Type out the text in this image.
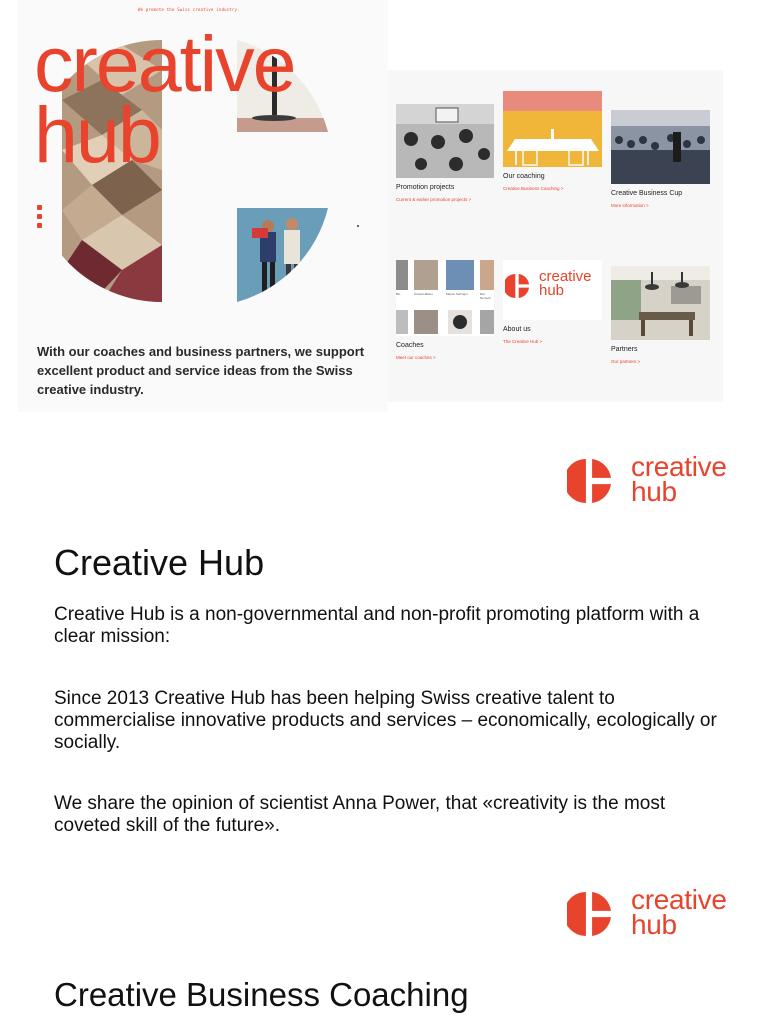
We promote the Swiss creative industry.
creative
hub
With our coaches and business partners, we support excellent product and service ideas from the Swiss creative industry.
Promotion projects
Current & earlier promotion projects >
Our coaching
Creative Business Coaching >
Creative Business Cup
More information >
Bio	Ursula Hälsim	Marcel Spiringer	Dal Nemeth
Coaches
Meet our coaches >
creative
hub
About us
The Creative Hub >
Partners
Our partners >
creative
hub
Creative Hub
Creative Hub is a non-governmental and non-profit promoting platform with a clear mission:
Since 2013 Creative Hub has been helping Swiss creative talent to commercialise innovative products and services – economically, ecologically or socially.
We share the opinion of scientist Anna Power, that «creativity is the most coveted skill of the future».
creative
hub
Creative Business Coaching
